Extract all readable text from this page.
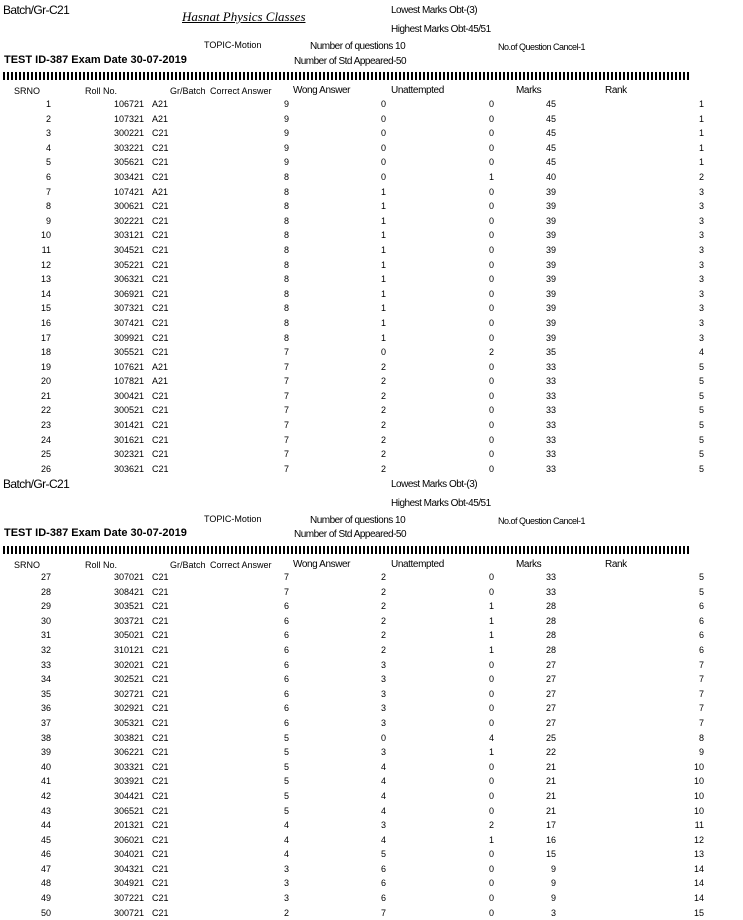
Batch/Gr-C21	Hasnat Physics Classes	Lowest Marks Obt-(3)
Highest Marks Obt-45/51
TOPIC-Motion	Number of questions 10	No.of Question Cancel-1
TEST ID-387 Exam Date 30-07-2019	Number of Std Appeared-50
SRNO	Roll No.	Gr/Batch Correct Answer Wong Answer	Unattempted	Marks	Rank
1	106721 A21	9	0	0	45	1
2	107321 A21	9	0	0	45	1
3	300221 C21	9	0	0	45	1
4	303221 C21	9	0	0	45	1
5	305621 C21	9	0	0	45	1
6	303421 C21	8	0	1	40	2
7	107421 A21	8	1	0	39	3
8	300621 C21	8	1	0	39	3
9	302221 C21	8	1	0	39	3
10	303121 C21	8	1	0	39	3
11	304521 C21	8	1	0	39	3
12	305221 C21	8	1	0	39	3
13	306321 C21	8	1	0	39	3
14	306921 C21	8	1	0	39	3
15	307321 C21	8	1	0	39	3
16	307421 C21	8	1	0	39	3
17	309921 C21	8	1	0	39	3
18	305521 C21	7	0	2	35	4
19	107621 A21	7	2	0	33	5
20	107821 A21	7	2	0	33	5
21	300421 C21	7	2	0	33	5
22	300521 C21	7	2	0	33	5
23	301421 C21	7	2	0	33	5
24	301621 C21	7	2	0	33	5
25	302321 C21	7	2	0	33	5
26	303621 C21	7	2	0	33	5
Batch/Gr-C21	Lowest Marks Obt-(3)
Highest Marks Obt-45/51
TOPIC-Motion	Number of questions 10	No.of Question Cancel-1
TEST ID-387 Exam Date 30-07-2019	Number of Std Appeared-50
SRNO	Roll No.	Gr/Batch Correct Answer Wong Answer	Unattempted	Marks	Rank
27	307021 C21	7	2	0	33	5
28	308421 C21	7	2	0	33	5
29	303521 C21	6	2	1	28	6
30	303721 C21	6	2	1	28	6
31	305021 C21	6	2	1	28	6
32	310121 C21	6	2	1	28	6
33	302021 C21	6	3	0	27	7
34	302521 C21	6	3	0	27	7
35	302721 C21	6	3	0	27	7
36	302921 C21	6	3	0	27	7
37	305321 C21	6	3	0	27	7
38	303821 C21	5	0	4	25	8
39	306221 C21	5	3	1	22	9
40	303321 C21	5	4	0	21	10
41	303921 C21	5	4	0	21	10
42	304421 C21	5	4	0	21	10
43	306521 C21	5	4	0	21	10
44	201321 C21	4	3	2	17	11
45	306021 C21	4	4	1	16	12
46	304021 C21	4	5	0	15	13
47	304321 C21	3	6	0	9	14
48	304921 C21	3	6	0	9	14
49	307221 C21	3	6	0	9	14
50	300721 C21	2	7	0	3	15
